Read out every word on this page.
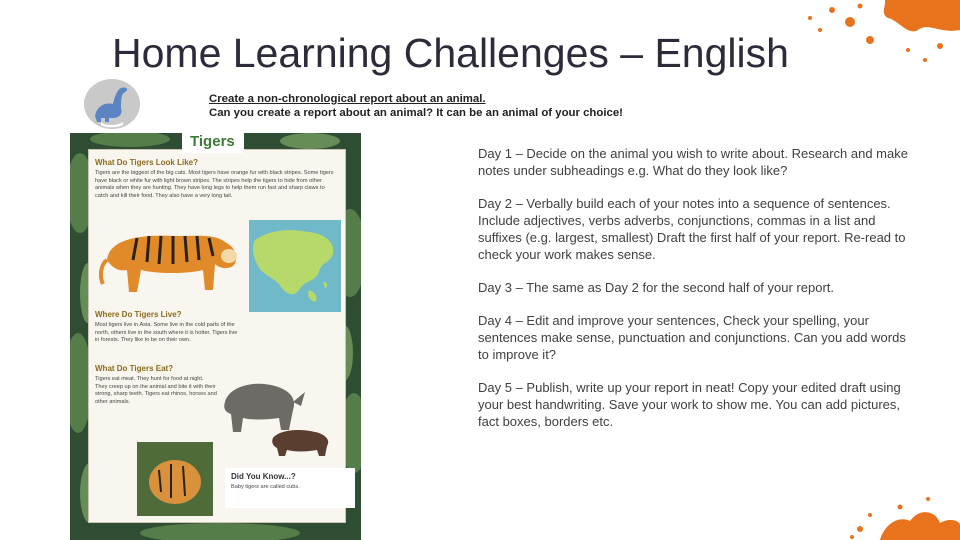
Home Learning Challenges – English
Create a non-chronological report about an animal.
Can you create a report about an animal? It can be an animal of your choice!
What Do Tigers Look Like?
Tigers are the biggest of the big cats. Most tigers have orange fur with black stripes. Some tigers have black or white fur with light brown stripes. The stripes help the tigers to hide from other animals when they are hunting. They have long legs to help them run fast and sharp claws to catch and kill their food. They also have a very long tail.
Where Do Tigers Live?
Most tigers live in Asia. Some live in the cold parts of the north, others live in the south where it is hotter. Tigers live in forests. They like to be on their own.
What Do Tigers Eat?
Tigers eat meat. They hunt for food at night. They creep up on the animal and bite it with their strong, sharp teeth. Tigers eat rhinos, horses and other animals.
Did You Know...?
Baby tigers are called cubs.
Tigers

Day 1 – Decide on the animal you wish to write about. Research and make notes under subheadings e.g. What do they look like?

Day 2 – Verbally build each of your notes into a sequence of sentences. Include adjectives, verbs adverbs, conjunctions, commas in a list and suffixes (e.g. largest, smallest) Draft the first half of your report. Re-read to check your work makes sense.

Day 3 – The same as Day 2 for the second half of your report.

Day 4 – Edit and improve your sentences, Check your spelling, your sentences make sense, punctuation and conjunctions. Can you add words to improve it?

Day 5 – Publish, write up your report in neat! Copy your edited draft using your best handwriting. Save your work to show me. You can add pictures, fact boxes, borders etc.
